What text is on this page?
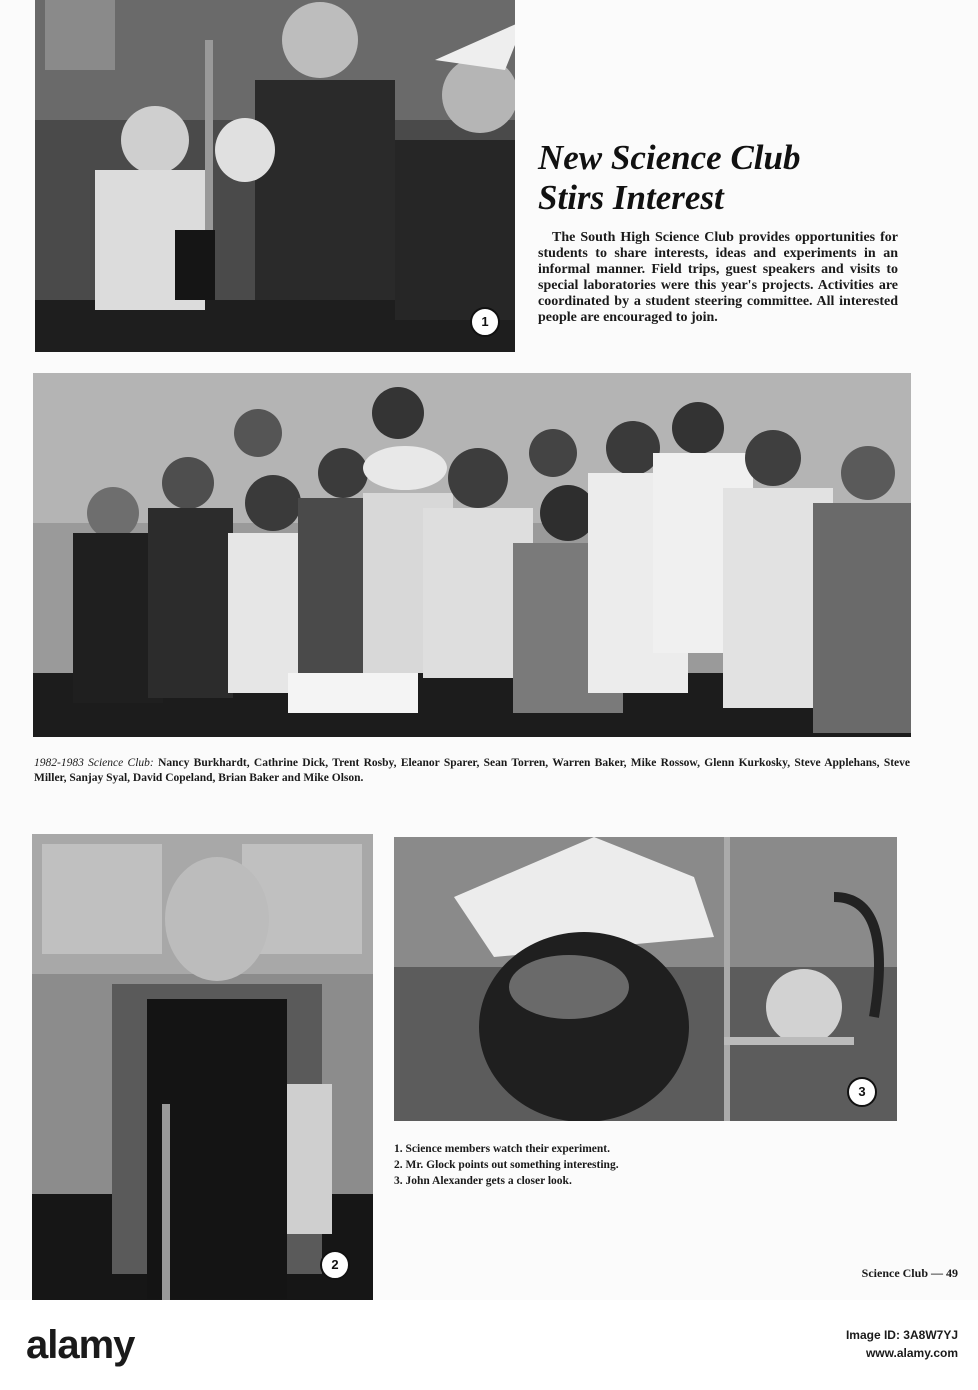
1
New Science Club
Stirs Interest

The South High Science Club provides opportunities for students to share interests, ideas and experiments in an informal manner. Field trips, guest speakers and visits to special laboratories were this year's projects. Activities are coordinated by a student steering committee. All interested people are encouraged to join.

1982-1983 Science Club: Nancy Burkhardt, Cathrine Dick, Trent Rosby, Eleanor Sparer, Sean Torren, Warren Baker, Mike Rossow, Glenn Kurkosky, Steve Applehans, Steve Miller, Sanjay Syal, David Copeland, Brian Baker and Mike Olson.

2
3
1. Science members watch their experiment.
2. Mr. Glock points out something interesting.
3. John Alexander gets a closer look.
Science Club — 49
alamy	Image ID: 3A8W7YJ
www.alamy.com
